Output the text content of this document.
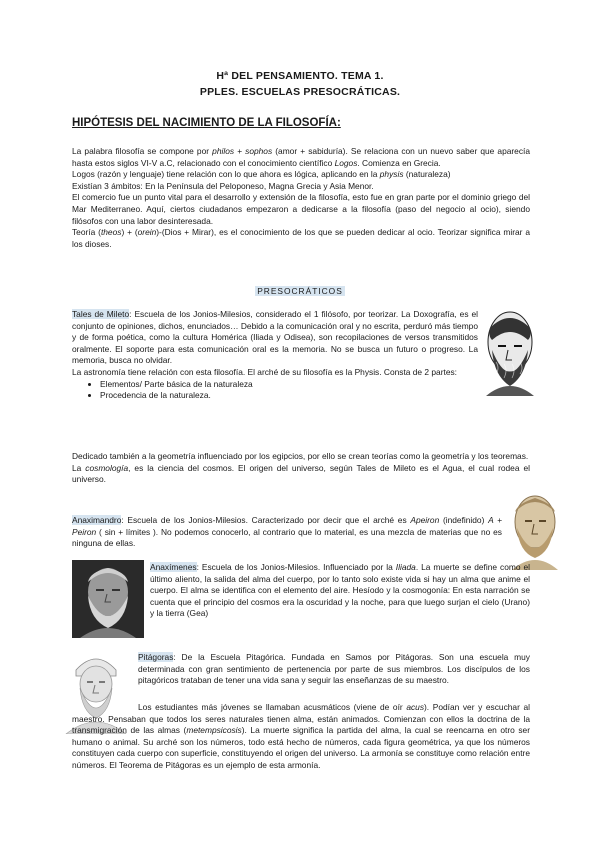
Hª DEL PENSAMIENTO. TEMA 1.
PPLES. ESCUELAS PRESOCRÁTICAS.
HIPÓTESIS DEL NACIMIENTO DE LA FILOSOFÍA:

La palabra filosofía se compone por philos + sophos (amor + sabiduría). Se relaciona con un nuevo saber que aparecía hasta estos siglos VI-V a.C, relacionado con el conocimiento científico Logos. Comienza en Grecia.

Logos (razón y lenguaje) tiene relación con lo que ahora es lógica, aplicando en la physis (naturaleza)

Existían 3 ámbitos: En la Península del Peloponeso, Magna Grecia y Asia Menor.

El comercio fue un punto vital para el desarrollo y extensión de la filosofía, esto fue en gran parte por el dominio griego del Mar Mediterraneo. Aquí, ciertos ciudadanos empezaron a dedicarse a la filosofía (paso del negocio al ocio), siendo filósofos con una labor desinteresada.

Teoría (theos) + (orein)-(Dios + Mirar), es el conocimiento de los que se pueden dedicar al ocio. Teorizar significa mirar a los dioses.

PRESOCRÁTICOS

Tales de Mileto: Escuela de los Jonios-Milesios, considerado el 1 filósofo, por teorizar. La Doxografía, es el conjunto de opiniones, dichos, enunciados… Debido a la comunicación oral y no escrita, perduró más tiempo y de forma poética, como la cultura Homérica (Iliada y Odisea), son recopilaciones de versos transmitidos oralmente. El soporte para esta comunicación oral es la memoria. No se busca un futuro o progreso. La memoria, busca no olvidar.

La astronomía tiene relación con esta filosofía. El arché de su filosofía es la Physis. Consta de 2 partes:

• Elementos/ Parte básica de la naturaleza
• Procedencia de la naturaleza.

Dedicado también a la geometría influenciado por los egipcios, por ello se crean teorías como la geometría y los teoremas.

La cosmología, es la ciencia del cosmos. El origen del universo, según Tales de Mileto es el Agua, el cual rodea el universo.

Anaximandro: Escuela de los Jonios-Milesios. Caracterizado por decir que el arché es Apeiron (indefinido) A + Peiron ( sin + límites ). No podemos conocerlo, al contrario que lo material, es una mezcla de materias que no es ninguna de ellas.

Anaxímenes: Escuela de los Jonios-Milesios. Influenciado por la Iliada. La muerte se define como el último aliento, la salida del alma del cuerpo, por lo tanto solo existe vida si hay un alma que anime el cuerpo. El alma se identifica con el elemento del aire. Hesíodo y la cosmogonía: En esta narración se cuenta que el principio del cosmos era la oscuridad y la noche, para que luego surjan el cielo (Urano) y la tierra (Gea)

Pitágoras: De la Escuela Pitagórica. Fundada en Samos por Pitágoras. Son una escuela muy determinada con gran sentimiento de pertenencia por parte de sus miembros. Los discípulos de los pitagóricos trataban de tener una vida sana y seguir las enseñanzas de su maestro.

Los estudiantes más jóvenes se llamaban acusmáticos (viene de oír acus). Podían ver y escuchar al maestro. Pensaban que todos los seres naturales tienen alma, están animados. Comienzan con ellos la doctrina de la transmigración de las almas (metempsicosis). La muerte significa la partida del alma, la cual se reencarna en otro ser humano o animal. Su arché son los números, todo está hecho de números, cada figura geométrica, ya que los números constituyen cada cuerpo con superficie, constituyendo el origen del universo. La armonía se constituye como relación entre números. El Teorema de Pitágoras es un ejemplo de esta armonía.
